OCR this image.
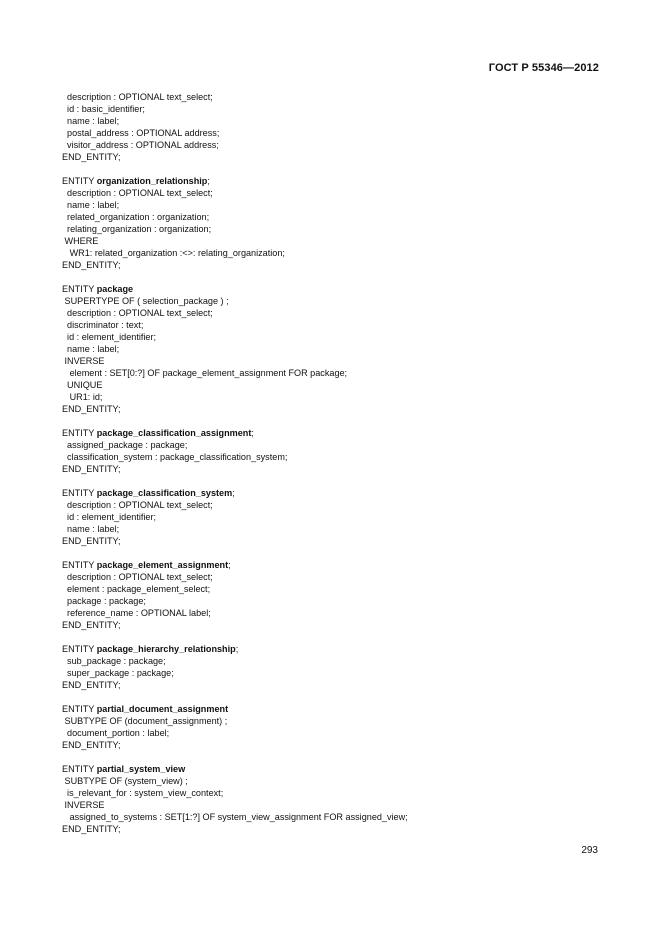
ГОСТ Р 55346—2012
description : OPTIONAL text_select;
id : basic_identifier;
name : label;
postal_address : OPTIONAL address;
visitor_address : OPTIONAL address;
END_ENTITY;
ENTITY organization_relationship;
description : OPTIONAL text_select;
name : label;
related_organization : organization;
relating_organization : organization;
WHERE
WR1: related_organization :<>: relating_organization;
END_ENTITY;
ENTITY package
SUPERTYPE OF ( selection_package ) ;
description : OPTIONAL text_select;
discriminator : text;
id : element_identifier;
name : label;
INVERSE
element : SET[0:?] OF package_element_assignment FOR package;
UNIQUE
UR1: id;
END_ENTITY;
ENTITY package_classification_assignment;
assigned_package : package;
classification_system : package_classification_system;
END_ENTITY;
ENTITY package_classification_system;
description : OPTIONAL text_select;
id : element_identifier;
name : label;
END_ENTITY;
ENTITY package_element_assignment;
description : OPTIONAL text_select;
element : package_element_select;
package : package;
reference_name : OPTIONAL label;
END_ENTITY;
ENTITY package_hierarchy_relationship;
sub_package : package;
super_package : package;
END_ENTITY;
ENTITY partial_document_assignment
SUBTYPE OF (document_assignment) ;
document_portion : label;
END_ENTITY;
ENTITY partial_system_view
SUBTYPE OF (system_view) ;
is_relevant_for : system_view_context;
INVERSE
assigned_to_systems : SET[1:?] OF system_view_assignment FOR assigned_view;
END_ENTITY;
293
